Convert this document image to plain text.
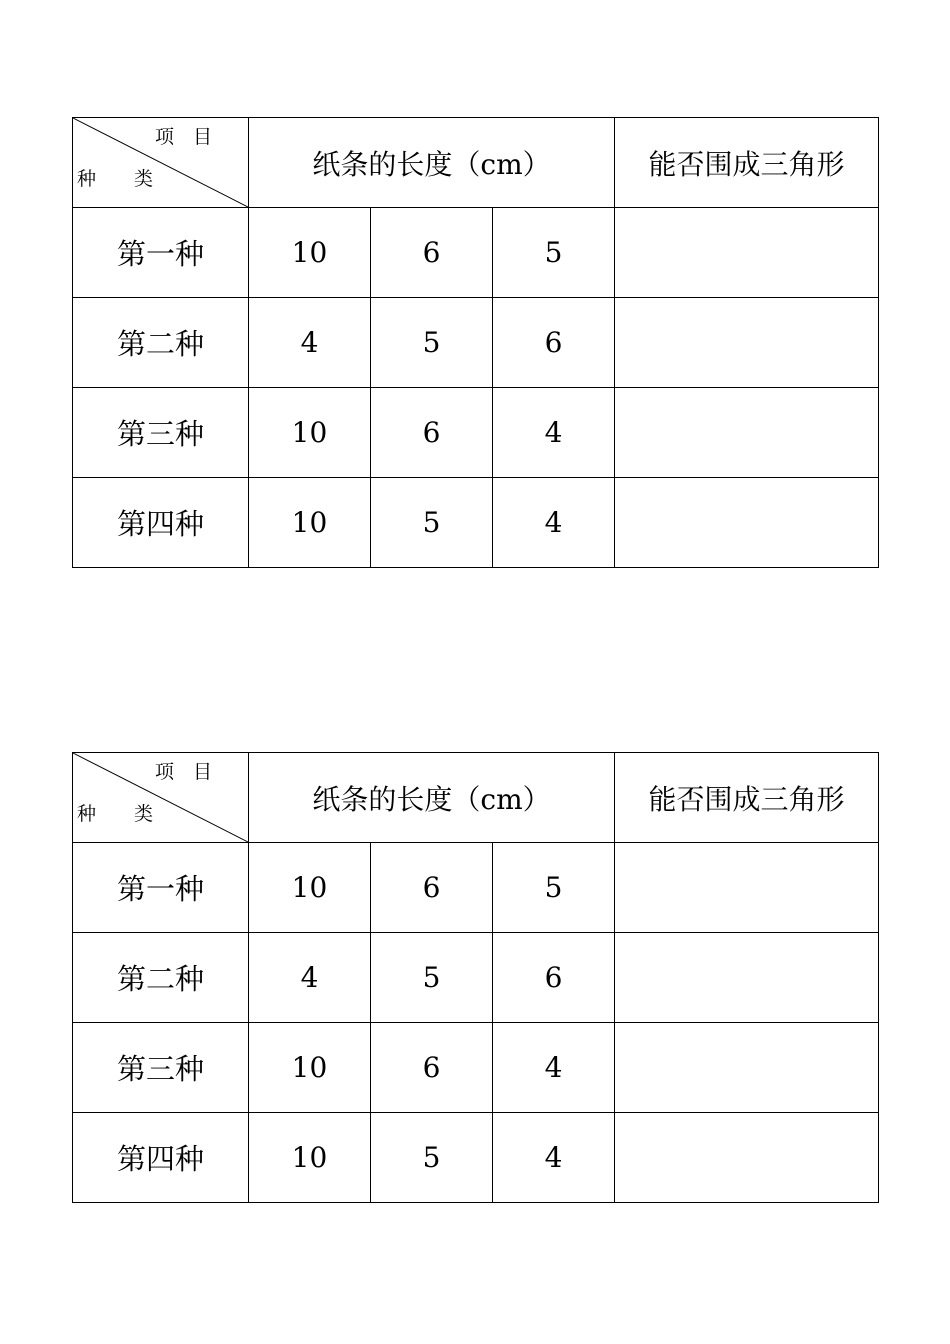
项　目
种　　类	纸条的长度（cm）			能否围成三角形
第一种	10	6	5	
第二种	4	5	6	
第三种	10	6	4	
第四种	10	5	4	
项　目
种　　类	纸条的长度（cm）			能否围成三角形
第一种	10	6	5	
第二种	4	5	6	
第三种	10	6	4	
第四种	10	5	4	
